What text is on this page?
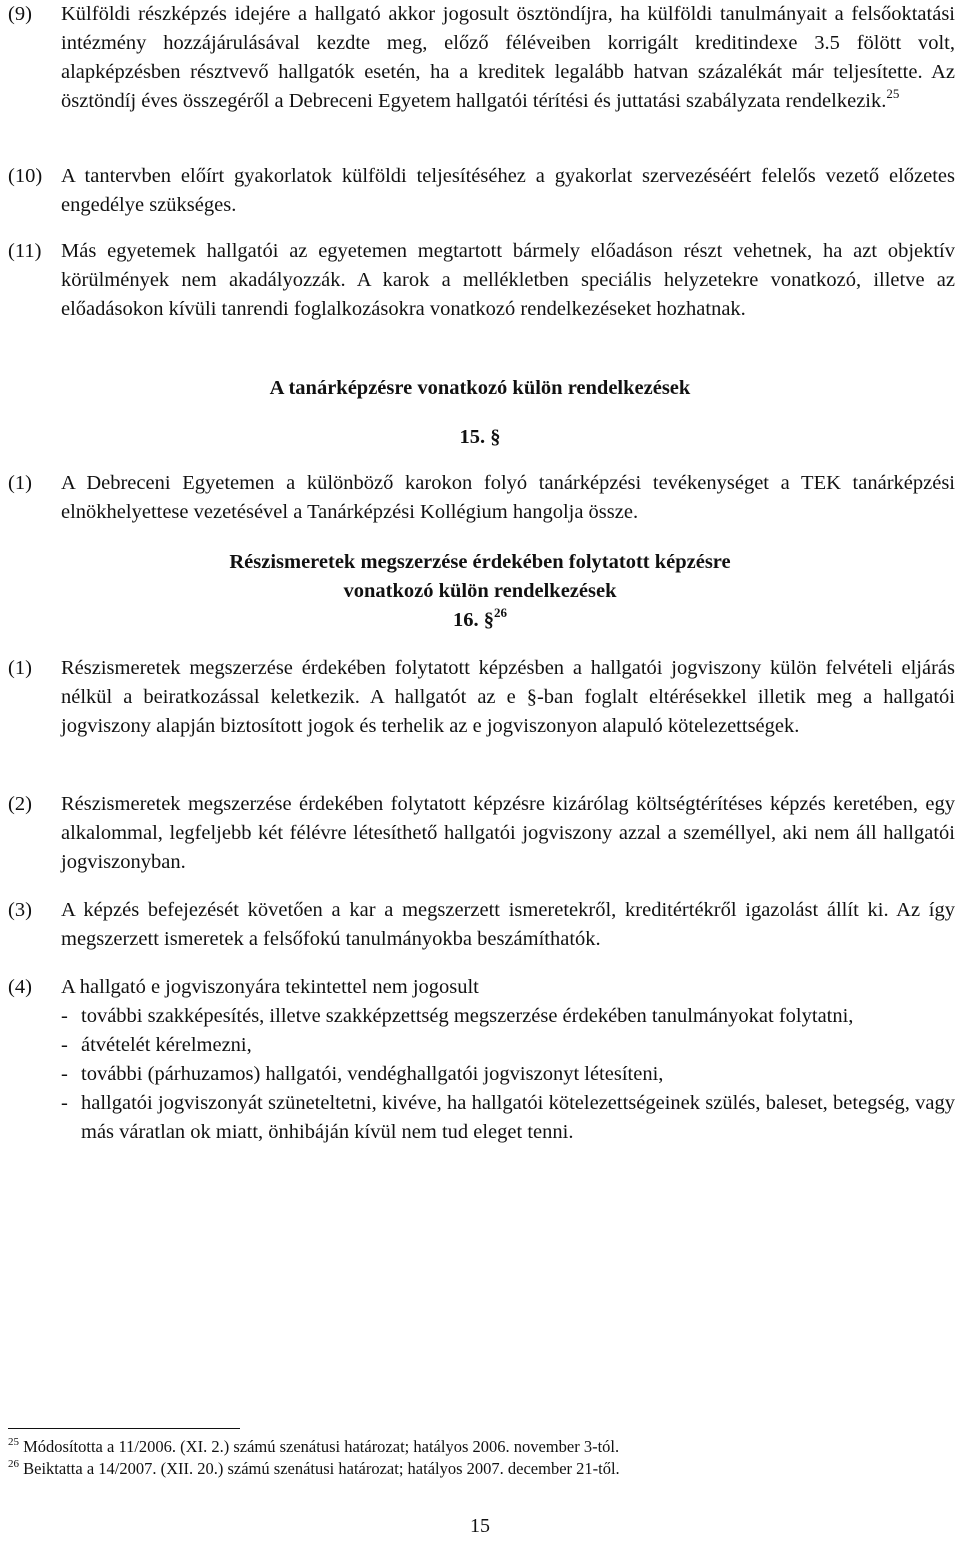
(9) Külföldi részképzés idejére a hallgató akkor jogosult ösztöndíjra, ha külföldi tanulmányait a felsőoktatási intézmény hozzájárulásával kezdte meg, előző féléveiben korrigált kreditindexe 3.5 fölött volt, alapképzésben résztvevő hallgatók esetén, ha a kreditek legalább hatvan százalékát már teljesítette. Az ösztöndíj éves összegéről a Debreceni Egyetem hallgatói térítési és juttatási szabályzata rendelkezik.$^{25}$
(10) A tantervben előírt gyakorlatok külföldi teljesítéséhez a gyakorlat szervezéséért felelős vezető előzetes engedélye szükséges.
(11) Más egyetemek hallgatói az egyetemen megtartott bármely előadáson részt vehetnek, ha azt objektív körülmények nem akadályozzák. A karok a mellékletben speciális helyzetekre vonatkozó, illetve az előadásokon kívüli tanrendi foglalkozásokra vonatkozó rendelkezéseket hozhatnak.
A tanárképzésre vonatkozó külön rendelkezések
15. §
(1) A Debreceni Egyetemen a különböző karokon folyó tanárképzési tevékenységet a TEK tanárképzési elnökhelyettese vezetésével a Tanárképzési Kollégium hangolja össze.
Részismeretek megszerzése érdekében folytatott képzésre
vonatkozó külön rendelkezések
16. §$^{26}$
(1) Részismeretek megszerzése érdekében folytatott képzésben a hallgatói jogviszony külön felvételi eljárás nélkül a beiratkozással keletkezik. A hallgatót az e §-ban foglalt eltérésekkel illetik meg a hallgatói jogviszony alapján biztosított jogok és terhelik az e jogviszonyon alapuló kötelezettségek.
(2) Részismeretek megszerzése érdekében folytatott képzésre kizárólag költségtérítéses képzés keretében, egy alkalommal, legfeljebb két félévre létesíthető hallgatói jogviszony azzal a személlyel, aki nem áll hallgatói jogviszonyban.
(3) A képzés befejezését követően a kar a megszerzett ismeretekről, kreditértékről igazolást állít ki. Az így megszerzett ismeretek a felsőfokú tanulmányokba beszámíthatók.
(4) A hallgató e jogviszonyára tekintettel nem jogosult
- további szakképesítés, illetve szakképzettség megszerzése érdekében tanulmányokat folytatni,
- átvételét kérelmezni,
- további (párhuzamos) hallgatói, vendéghallgatói jogviszonyt létesíteni,
- hallgatói jogviszonyát szüneteltetni, kivéve, ha hallgatói kötelezettségeinek szülés, baleset, betegség, vagy más váratlan ok miatt, önhibáján kívül nem tud eleget tenni.
$^{25}$ Módosította a 11/2006. (XI. 2.) számú szenátusi határozat; hatályos 2006. november 3-tól.
$^{26}$ Beiktatta a 14/2007. (XII. 20.) számú szenátusi határozat; hatályos 2007. december 21-től.
15
